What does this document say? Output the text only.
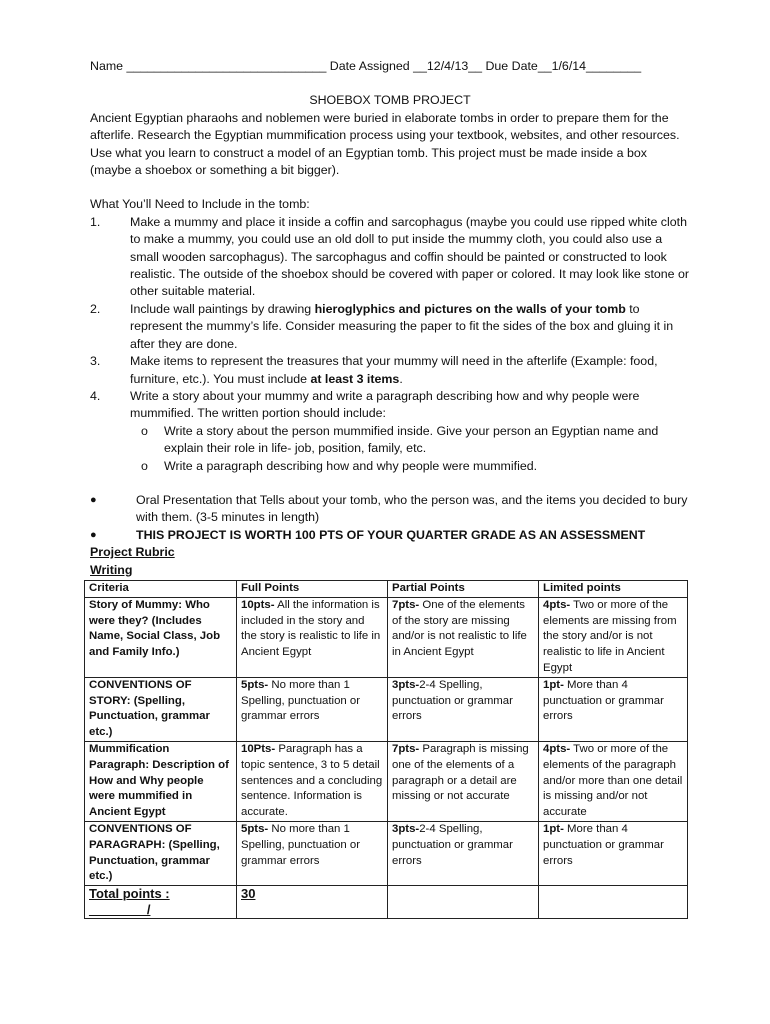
Name _____________________________ Date Assigned __12/4/13__ Due Date__1/6/14________
SHOEBOX TOMB PROJECT
Ancient Egyptian pharaohs and noblemen were buried in elaborate tombs in order to prepare them for the afterlife. Research the Egyptian mummification process using your textbook, websites, and other resources. Use what you learn to construct a model of an Egyptian tomb. This project must be made inside a box (maybe a shoebox or something a bit bigger).
What You’ll Need to Include in the tomb:
1. Make a mummy and place it inside a coffin and sarcophagus (maybe you could use ripped white cloth to make a mummy, you could use an old doll to put inside the mummy cloth, you could also use a small wooden sarcophagus). The sarcophagus and coffin should be painted or constructed to look realistic. The outside of the shoebox should be covered with paper or colored. It may look like stone or other suitable material.
2. Include wall paintings by drawing hieroglyphics and pictures on the walls of your tomb to represent the mummy’s life. Consider measuring the paper to fit the sides of the box and gluing it in after they are done.
3. Make items to represent the treasures that your mummy will need in the afterlife (Example: food, furniture, etc.). You must include at least 3 items.
4. Write a story about your mummy and write a paragraph describing how and why people were mummified. The written portion should include:
o Write a story about the person mummified inside. Give your person an Egyptian name and explain their role in life- job, position, family, etc.
o Write a paragraph describing how and why people were mummified.
●	Oral Presentation that Tells about your tomb, who the person was, and the items you decided to bury with them. (3-5 minutes in length)
●	THIS PROJECT IS WORTH 100 PTS OF YOUR QUARTER GRADE AS AN ASSESSMENT
Project Rubric
Writing
Criteria	Full Points	Partial Points	Limited points
Story of Mummy: Who were they? (Includes Name, Social Class, Job and Family Info.)	10pts- All the information is included in the story and the story is realistic to life in Ancient Egypt	7pts- One of the elements of the story are missing and/or is not realistic to life in Ancient Egypt	4pts- Two or more of the elements are missing from the story and/or is not realistic to life in Ancient Egypt
CONVENTIONS OF STORY: (Spelling, Punctuation, grammar etc.)	5pts- No more than 1 Spelling, punctuation or grammar errors	3pts-2-4 Spelling, punctuation or grammar errors	1pt- More than 4 punctuation or grammar errors
Mummification Paragraph: Description of How and Why people were mummified in Ancient Egypt	10Pts- Paragraph has a topic sentence, 3 to 5 detail sentences and a concluding sentence. Information is accurate.	7pts- Paragraph is missing one of the elements of a paragraph or a detail are missing or not accurate	4pts- Two or more of the elements of the paragraph and/or more than one detail is missing and/or not accurate
CONVENTIONS OF PARAGRAPH: (Spelling, Punctuation, grammar etc.)	5pts- No more than 1 Spelling, punctuation or grammar errors	3pts-2-4 Spelling, punctuation or grammar errors	1pt- More than 4 punctuation or grammar errors
Total points : ________/	30		
